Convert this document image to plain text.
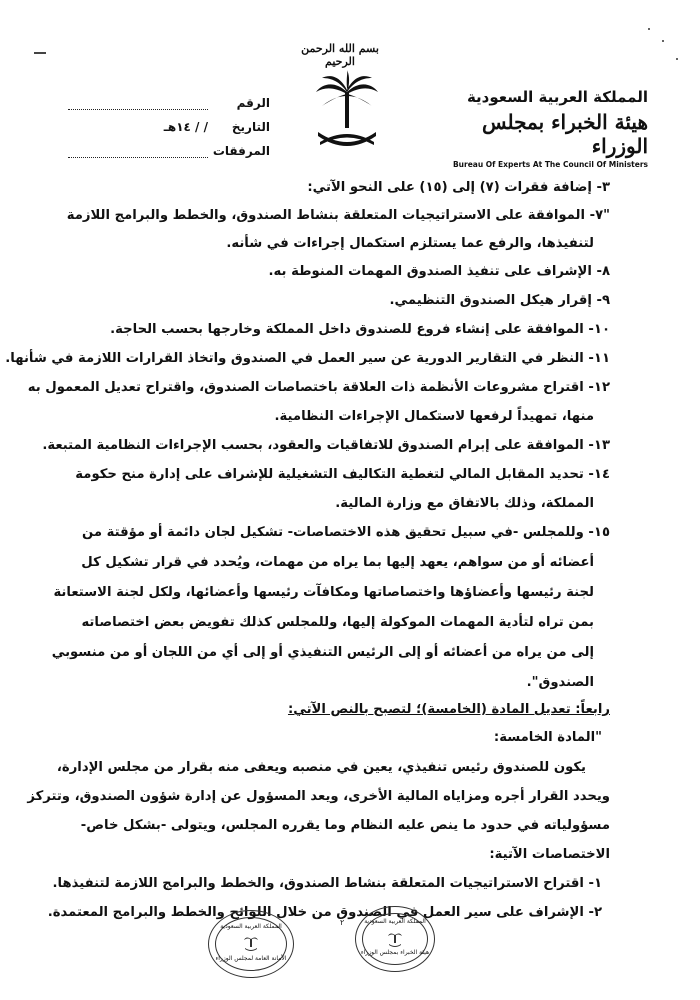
بسم الله الرحمن الرحيم
الرقم
التاريخ
/ / ١٤هـ
المرفقات
المملكة العربية السعودية
هيئة الخبراء بمجلس الوزراء
Bureau Of Experts At The Council Of Ministers
٣- إضافة فقرات (٧) إلى (١٥) على النحو الآتي:
"٧- الموافقة على الاستراتيجيات المتعلقة بنشاط الصندوق، والخطط والبرامج اللازمة
لتنفيذها، والرفع عما يستلزم استكمال إجراءات في شأنه.
٨- الإشراف على تنفيذ الصندوق المهمات المنوطة به.
٩- إقرار هيكل الصندوق التنظيمي.
١٠- الموافقة على إنشاء فروع للصندوق داخل المملكة وخارجها بحسب الحاجة.
١١- النظر في التقارير الدورية عن سير العمل في الصندوق واتخاذ القرارات اللازمة في شأنها.
١٢- اقتراح مشروعات الأنظمة ذات العلاقة باختصاصات الصندوق، واقتراح تعديل المعمول به
منها، تمهيداً لرفعها لاستكمال الإجراءات النظامية.
١٣- الموافقة على إبرام الصندوق للاتفاقيات والعقود، بحسب الإجراءات النظامية المتبعة.
١٤- تحديد المقابل المالي لتغطية التكاليف التشغيلية للإشراف على إدارة منح حكومة
المملكة، وذلك بالاتفاق مع وزارة المالية.
١٥- وللمجلس -في سبيل تحقيق هذه الاختصاصات- تشكيل لجان دائمة أو مؤقتة من
أعضائه أو من سواهم، يعهد إليها بما يراه من مهمات، ويُحدد في قرار تشكيل كل
لجنة رئيسها وأعضاؤها واختصاصاتها ومكافآت رئيسها وأعضائها، ولكل لجنة الاستعانة
بمن تراه لتأدية المهمات الموكولة إليها، وللمجلس كذلك تفويض بعض اختصاصاته
إلى من يراه من أعضائه أو إلى الرئيس التنفيذي أو إلى أي من اللجان أو من منسوبي
الصندوق".
رابعاً: تعديل المادة (الخامسة)؛ لتصبح بالنص الآتي:
"المادة الخامسة:
يكون للصندوق رئيس تنفيذي، يعين في منصبه ويعفى منه بقرار من مجلس الإدارة،
ويحدد القرار أجره ومزاياه المالية الأخرى، ويعد المسؤول عن إدارة شؤون الصندوق، وتتركز
مسؤولياته في حدود ما ينص عليه النظام وما يقرره المجلس، ويتولى -بشكل خاص-
الاختصاصات الآتية:
١- اقتراح الاستراتيجيات المتعلقة بنشاط الصندوق، والخطط والبرامج اللازمة لتنفيذها.
٢- الإشراف على سير العمل في الصندوق من خلال اللوائح والخطط والبرامج المعتمدة.
المملكة العربية السعودية
الأمانة العامة لمجلس الوزراء
٢	المملكة العربية السعودية
هيئة الخبراء بمجلس الوزراء
